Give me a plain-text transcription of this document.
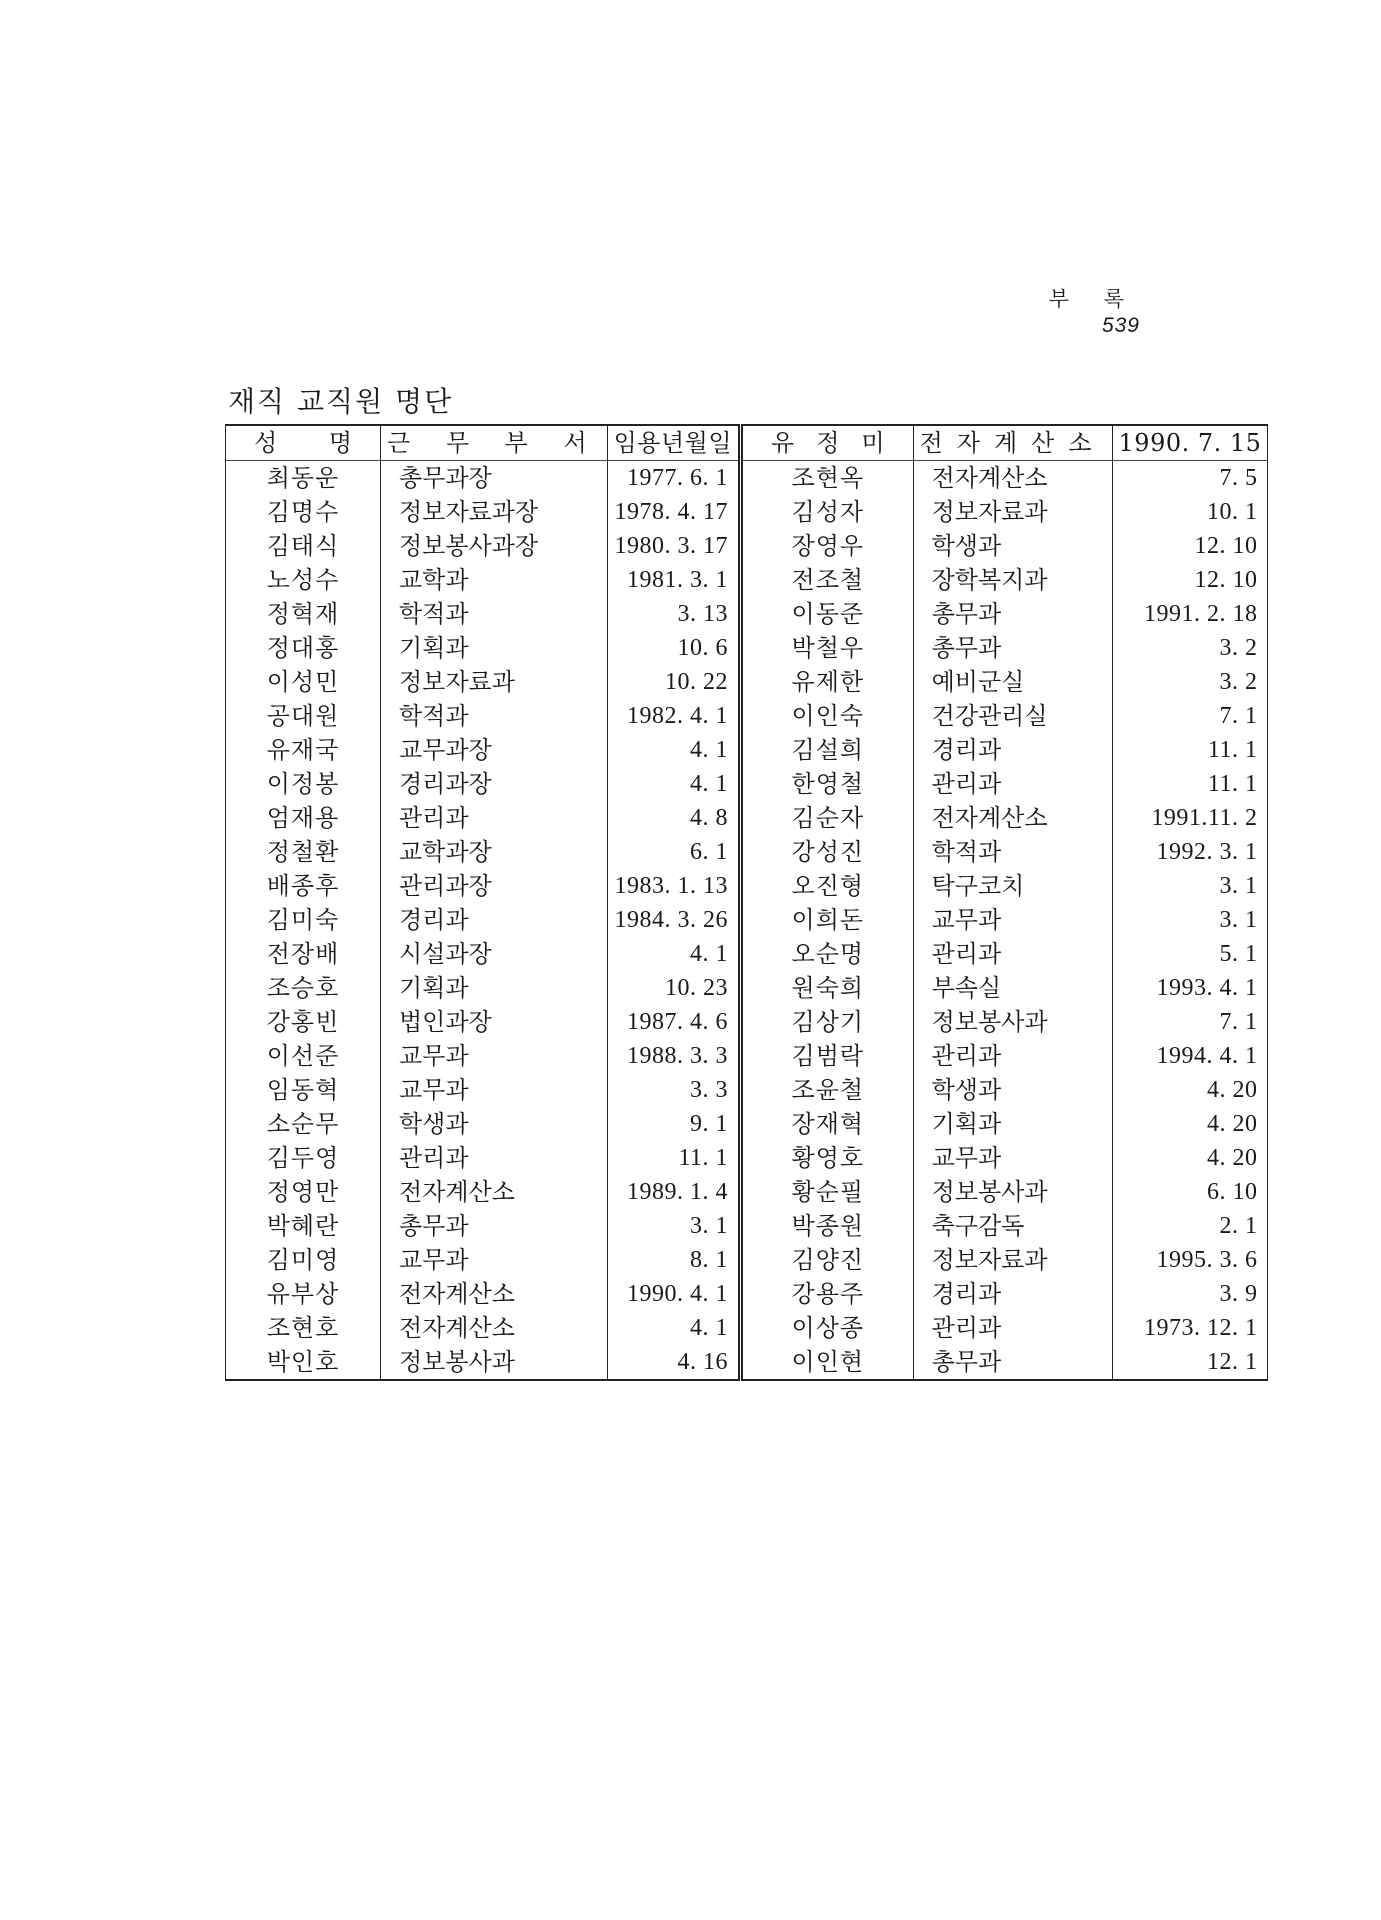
부 록539
재직 교직원 명단
성 명	근 무 부 서	임용년월일	유정미	전자계산소	1990. 7. 15
최동운	총무과장	1977. 6. 1	조현옥	전자계산소	7. 5
김명수	정보자료과장	1978. 4. 17	김성자	정보자료과	10. 1
김태식	정보봉사과장	1980. 3. 17	장영우	학생과	12. 10
노성수	교학과	1981. 3. 1	전조철	장학복지과	12. 10
정혁재	학적과	3. 13	이동준	총무과	1991. 2. 18
정대홍	기획과	10. 6	박철우	총무과	3. 2
이성민	정보자료과	10. 22	유제한	예비군실	3. 2
공대원	학적과	1982. 4. 1	이인숙	건강관리실	7. 1
유재국	교무과장	4. 1	김설희	경리과	11. 1
이정봉	경리과장	4. 1	한영철	관리과	11. 1
엄재용	관리과	4. 8	김순자	전자계산소	1991.11. 2
정철환	교학과장	6. 1	강성진	학적과	1992. 3. 1
배종후	관리과장	1983. 1. 13	오진형	탁구코치	3. 1
김미숙	경리과	1984. 3. 26	이희돈	교무과	3. 1
전장배	시설과장	4. 1	오순명	관리과	5. 1
조승호	기획과	10. 23	원숙희	부속실	1993. 4. 1
강홍빈	법인과장	1987. 4. 6	김상기	정보봉사과	7. 1
이선준	교무과	1988. 3. 3	김범락	관리과	1994. 4. 1
임동혁	교무과	3. 3	조윤철	학생과	4. 20
소순무	학생과	9. 1	장재혁	기획과	4. 20
김두영	관리과	11. 1	황영호	교무과	4. 20
정영만	전자계산소	1989. 1. 4	황순필	정보봉사과	6. 10
박혜란	총무과	3. 1	박종원	축구감독	2. 1
김미영	교무과	8. 1	김양진	정보자료과	1995. 3. 6
유부상	전자계산소	1990. 4. 1	강용주	경리과	3. 9
조현호	전자계산소	4. 1	이상종	관리과	1973. 12. 1
박인호	정보봉사과	4. 16	이인현	총무과	12. 1
